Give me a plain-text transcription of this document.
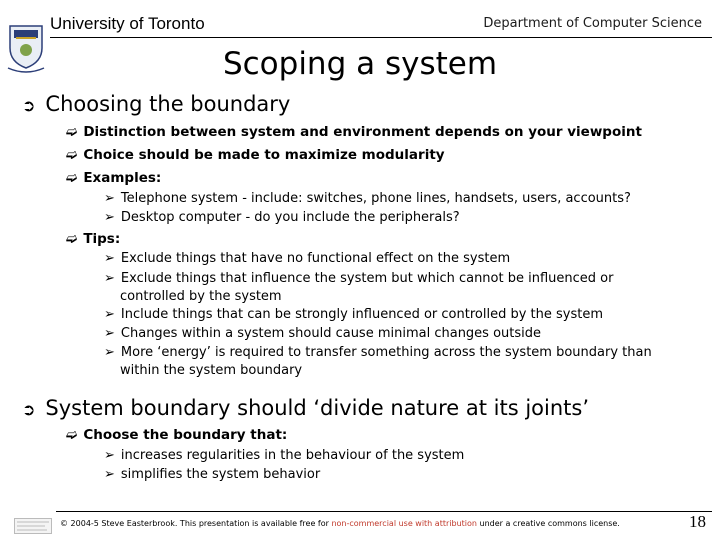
University of Toronto	Department of Computer Science
Scoping a system
➲ Choosing the boundary
➫ Distinction between system and environment depends on your viewpoint
➫ Choice should be made to maximize modularity
➫ Examples:
➢ Telephone system - include: switches, phone lines, handsets, users, accounts?
➢ Desktop computer - do you include the peripherals?
➫ Tips:
➢ Exclude things that have no functional effect on the system
➢ Exclude things that influence the system but which cannot be influenced or
controlled by the system
➢ Include things that can be strongly influenced or controlled by the system
➢ Changes within a system should cause minimal changes outside
➢ More ‘energy’ is required to transfer something across the system boundary than
within the system boundary
➲ System boundary should ‘divide nature at its joints’
➫ Choose the boundary that:
➢ increases regularities in the behaviour of the system
➢ simplifies the system behavior
© 2004-5 Steve Easterbrook. This presentation is available free for non-commercial use with attribution under a creative commons license.	18
